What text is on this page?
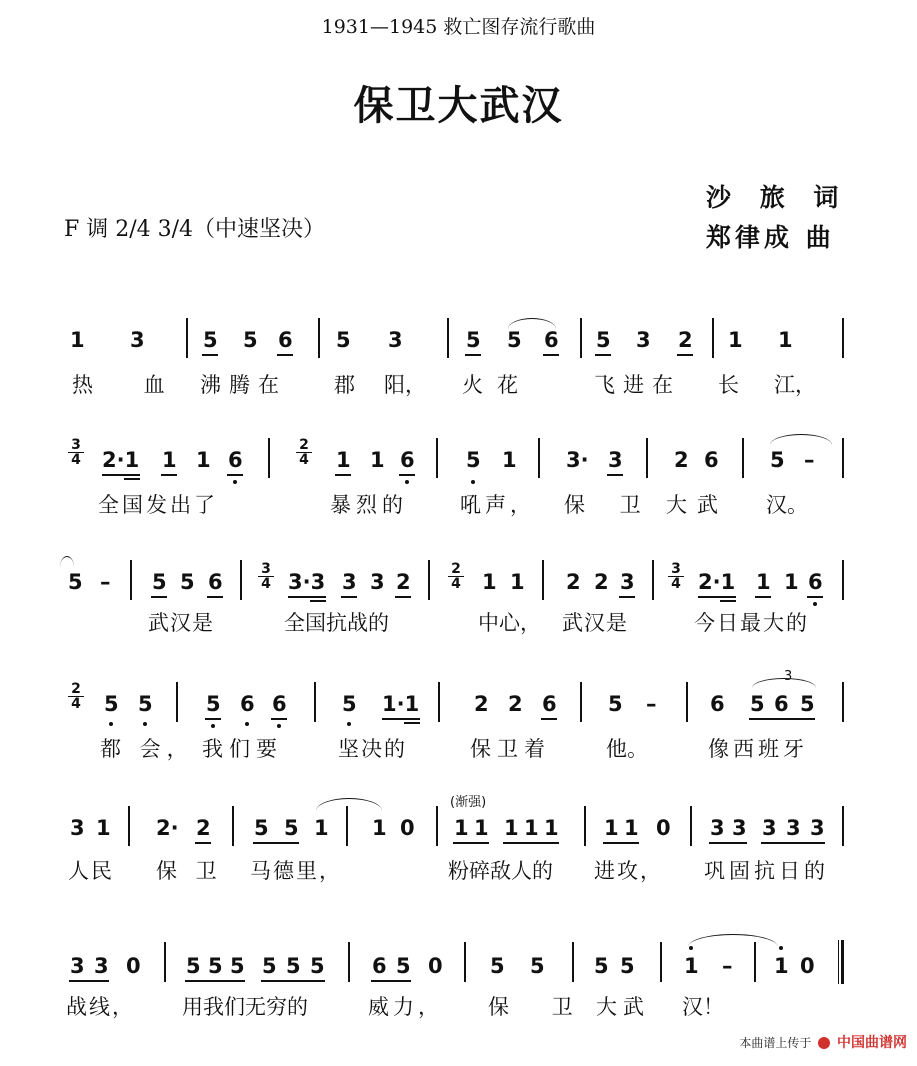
1931—1945 救亡图存流行歌曲
保卫大武汉
沙 旅 词
郑律成 曲
F 调 2/4 3/4（中速坚决）
1 3	5 5 6 5 3	5 5 6 5 3 2 1 1
热 血 沸腾在 郡 阳， 火花	飞进在 长 江，
3
4 2·1 1 1 6
2
4 1 1 6 5 1 3· 3 2 6 5 –
全国发出了	暴烈的 吼声， 保 卫 大武 汉。
5 – 5 5 6
3
4 3·3 3 3 2
2
4 1 1 2 2 3
3
4 2·1 1 1 6
武汉是	全国抗战的	中心， 武汉是	今日最大的
2
4 5 5	5 6 6	5 1·1	2 2 6 5 –	6
3
5 6 5
都 会， 我们要	坚决的	保卫着	他。	像西班牙
3 1 2· 2 5 5 1 1 0
(渐强)
1 1 1 1 1 1 1 0 3 3 3 3 3
人民 保 卫 马德里，	粉碎敌人的 进攻， 巩固抗日的
3 3 0 5 5 5 5 5 5 6 5 0 5 5 5 5 1 – 1 0
战线， 用我们无穷的	威力， 保 卫 大武 汉！
本曲谱上传于 中国曲谱网
